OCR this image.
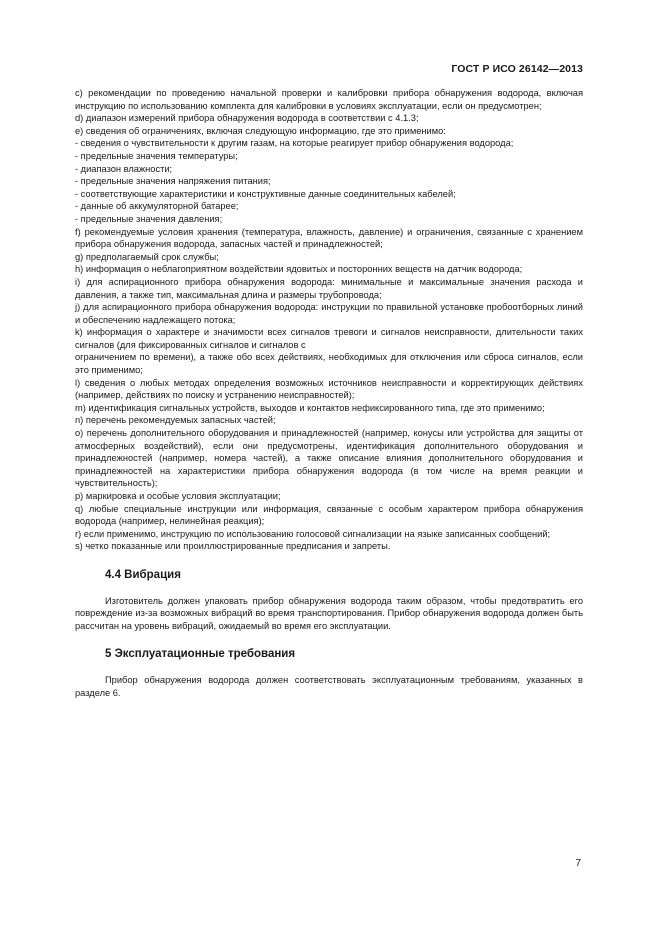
ГОСТ Р ИСО 26142—2013

c) рекомендации по проведению начальной проверки и калибровки прибора обнаружения водорода, включая инструкцию по использованию комплекта для калибровки в условиях эксплуатации, если он предусмотрен;

d) диапазон измерений прибора обнаружения водорода в соответствии с 4.1.3;

e) сведения об ограничениях, включая следующую информацию, где это применимо:

- сведения о чувствительности к другим газам, на которые реагирует прибор обнаружения водорода;

- предельные значения температуры;

- диапазон влажности;

- предельные значения напряжения питания;

- соответствующие характеристики и конструктивные данные соединительных кабелей;

- данные об аккумуляторной батарее;

- предельные значения давления;

f) рекомендуемые условия хранения (температура, влажность, давление) и ограничения, связанные с хранением прибора обнаружения водорода, запасных частей и принадлежностей;

g) предполагаемый срок службы;

h) информация о неблагоприятном воздействии ядовитых и посторонних веществ на датчик водорода;

i) для аспирационного прибора обнаружения водорода: минимальные и максимальные значения расхода и давления, а также тип, максимальная длина и размеры трубопровода;

j) для аспирационного прибора обнаружения водорода: инструкции по правильной установке пробоотборных линий и обеспечению надлежащего потока;

k) информация о характере и значимости всех сигналов тревоги и сигналов неисправности, длительности таких сигналов (для фиксированных сигналов и сигналов с

ограничением по времени), а также обо всех действиях, необходимых для отключения или сброса сигналов, если это применимо;

l) сведения о любых методах определения возможных источников неисправности и корректирующих действиях (например, действиях по поиску и устранению неисправностей);

m) идентификация сигнальных устройств, выходов и контактов нефиксированного типа, где это применимо;

n) перечень рекомендуемых запасных частей;

o) перечень дополнительного оборудования и принадлежностей (например, конусы или устройства для защиты от атмосферных воздействий), если они предусмотрены, идентификация дополнительного оборудования и принадлежностей (например, номера частей), а также описание влияния дополнительного оборудования и принадлежностей на характеристики прибора обнаружения водорода (в том числе на время реакции и чувствительность);

p) маркировка и особые условия эксплуатации;

q) любые специальные инструкции или информация, связанные с особым характером прибора обнаружения водорода (например, нелинейная реакция);

r) если применимо, инструкцию по использованию голосовой сигнализации на языке записанных сообщений;

s) четко показанные или проиллюстрированные предписания и запреты.

4.4 Вибрация

Изготовитель должен упаковать прибор обнаружения водорода таким образом, чтобы предотвратить его повреждение из-за возможных вибраций во время транспортирования. Прибор обнаружения водорода должен быть рассчитан на уровень вибраций, ожидаемый во время его эксплуатации.

5 Эксплуатационные требования

Прибор обнаружения водорода должен соответствовать эксплуатационным требованиям, указанных в разделе 6.

7
